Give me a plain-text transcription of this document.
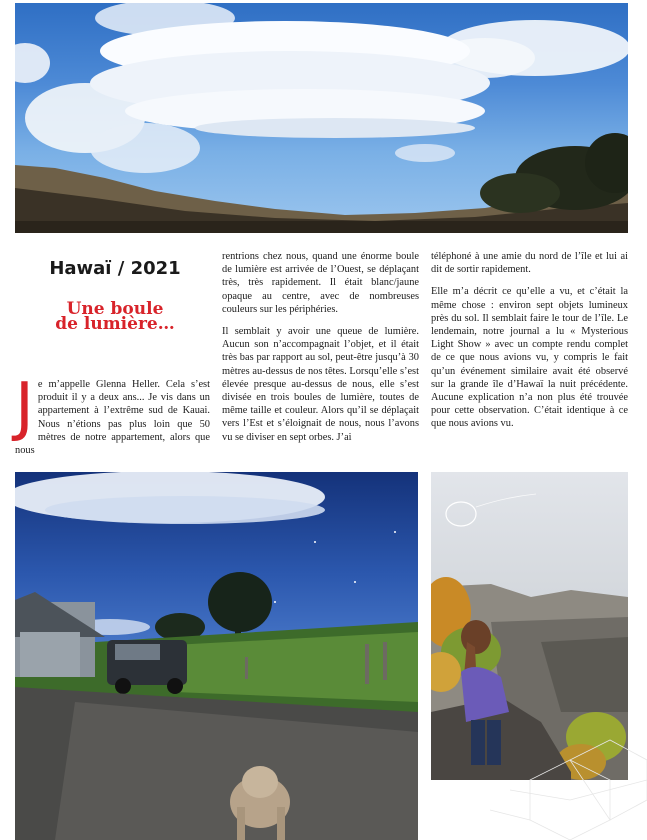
Hawaï / 2021
Une boule
de lumière…

Je m’appelle Glenna Heller. Cela s’est produit il y a deux ans... Je vis dans un appartement à l’extrême sud de Kauai. Nous n’étions pas plus loin que 50 mètres de notre appartement, alors que nous

rentrions chez nous, quand une énorme boule de lumière est arrivée de l’Ouest, se déplaçant très, très rapidement. Il était blanc/jaune opaque au centre, avec de nombreuses couleurs sur les périphéries.

Il semblait y avoir une queue de lumière. Aucun son n’accompagnait l’objet, et il était très bas par rapport au sol, peut-être jusqu’à 30 mètres au-dessus de nos têtes. Lorsqu’elle s’est élevée presque au-dessus de nous, elle s’est divisée en trois boules de lumière, toutes de même taille et couleur. Alors qu’il se déplaçait vers l’Est et s’éloignait de nous, nous l’avons vu se diviser en sept orbes. J’ai

téléphoné à une amie du nord de l’île et lui ai dit de sortir rapidement.

Elle m’a décrit ce qu’elle a vu, et c’était la même chose : environ sept objets lumineux près du sol. Il semblait faire le tour de l’île. Le lendemain, notre journal a lu « Mysterious Light Show » avec un compte rendu complet de ce que nous avions vu, y compris le fait qu’un événement similaire avait été observé sur la grande île d’Hawaï la nuit précédente. Aucune explication n’a non plus été trouvée pour cette observation. C’était identique à ce que nous avions vu.
